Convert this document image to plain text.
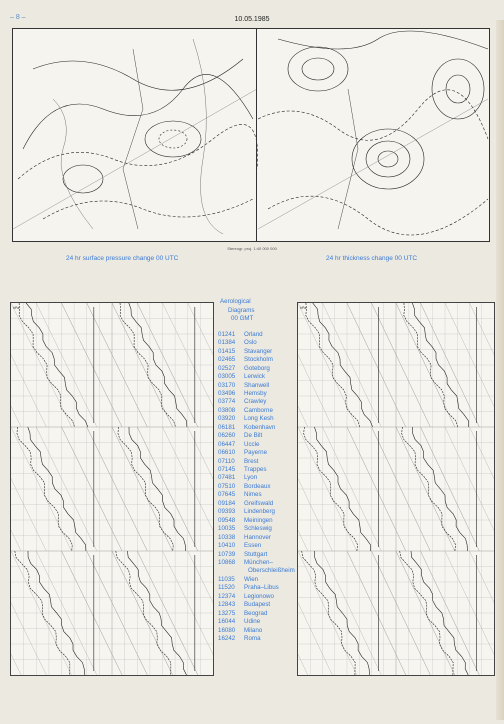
– 8 –	10.05.1985
Stereogr. proj. 1:40 000 000
24 hr surface pressure change 00 UTC	24 hr thickness change 00 UTC
hPa
Aerological
Diagrams
00 GMT
01241	Orland
01384	Oslo
01415	Stavanger
02465	Stockholm
02527	Goteborg
03005	Lerwick
03170	Shanwell
03496	Hemsby
03774	Crawley
03808	Camborne
03920	Long Kesh
06181	Kobenhavn
06260	De Bilt
06447	Uccle
06610	Payerne
07110	Brest
07145	Trappes
07481	Lyon
07510	Bordeaux
07645	Nimes
09184	Greifswald
09393	Lindenberg
09548	Meiningen
10035	Schleswig
10338	Hannover
10410	Essen
10739	Stuttgart
10868	München–
Oberschleißheim
11035	Wien
11520	Praha–Libus
12374	Legionowo
12843	Budapest
13275	Beograd
16044	Udine
16080	Milano
16242	Roma
hPa
